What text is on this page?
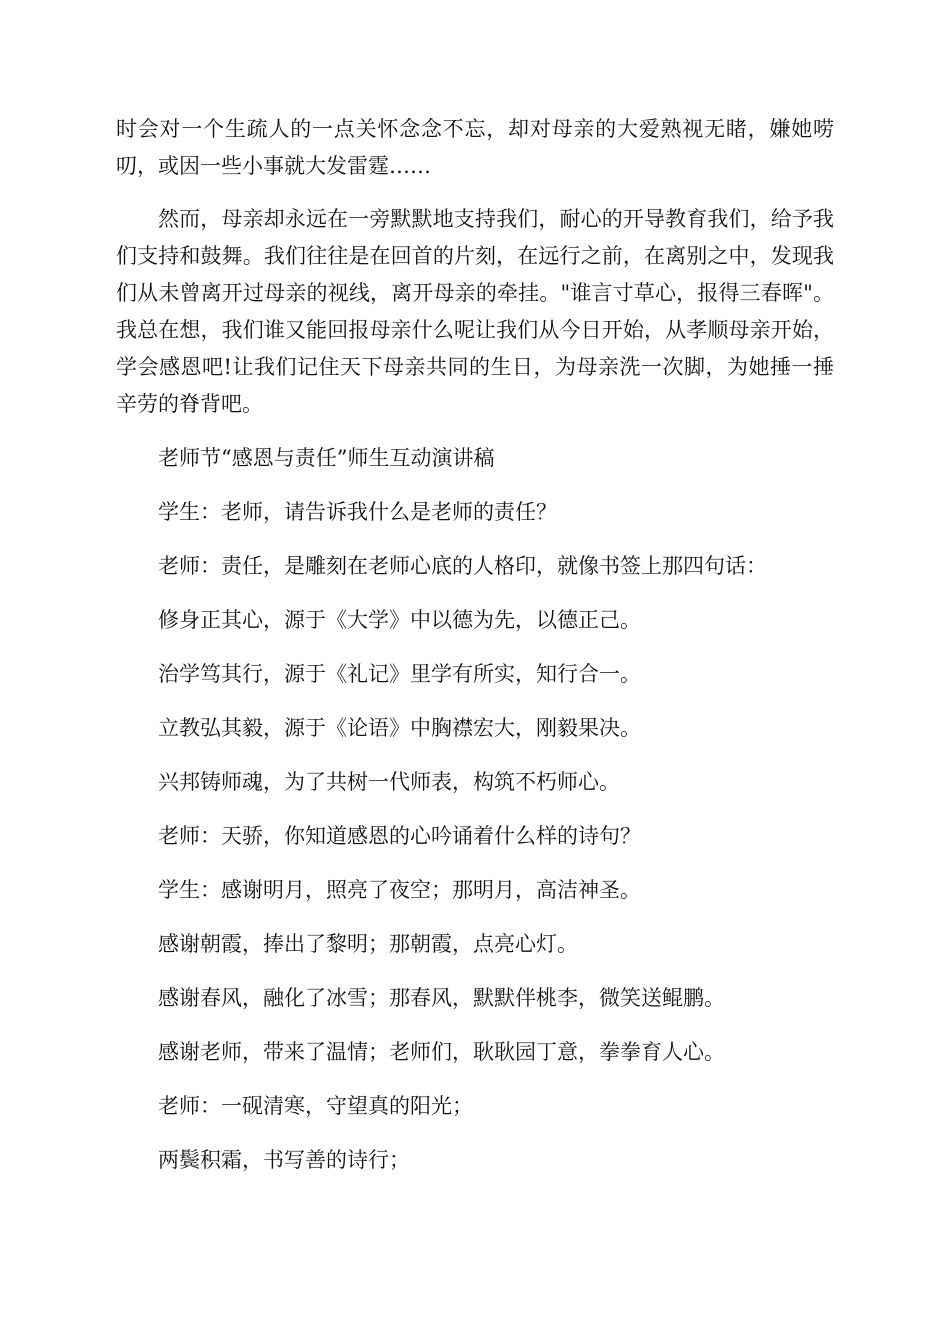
时会对一个生疏人的一点关怀念念不忘，却对母亲的大爱熟视无睹，嫌她唠叨，或因一些小事就大发雷霆……

然而，母亲却永远在一旁默默地支持我们，耐心的开导教育我们，给予我们支持和鼓舞。我们往往是在回首的片刻，在远行之前，在离别之中，发现我们从未曾离开过母亲的视线，离开母亲的牵挂。"谁言寸草心，报得三春晖"。我总在想，我们谁又能回报母亲什么呢让我们从今日开始，从孝顺母亲开始，学会感恩吧!让我们记住天下母亲共同的生日，为母亲洗一次脚，为她捶一捶辛劳的脊背吧。

老师节“感恩与责任”师生互动演讲稿

学生：老师，请告诉我什么是老师的责任？

老师：责任，是雕刻在老师心底的人格印，就像书签上那四句话：

修身正其心，源于《大学》中以德为先，以德正己。

治学笃其行，源于《礼记》里学有所实，知行合一。

立教弘其毅，源于《论语》中胸襟宏大，刚毅果决。

兴邦铸师魂，为了共树一代师表，构筑不朽师心。

老师：天骄，你知道感恩的心吟诵着什么样的诗句？

学生：感谢明月，照亮了夜空；那明月，高洁神圣。

感谢朝霞，捧出了黎明；那朝霞，点亮心灯。

感谢春风，融化了冰雪；那春风，默默伴桃李，微笑送鲲鹏。

感谢老师，带来了温情；老师们，耿耿园丁意，拳拳育人心。

老师：一砚清寒，守望真的阳光；

两鬓积霜，书写善的诗行；
